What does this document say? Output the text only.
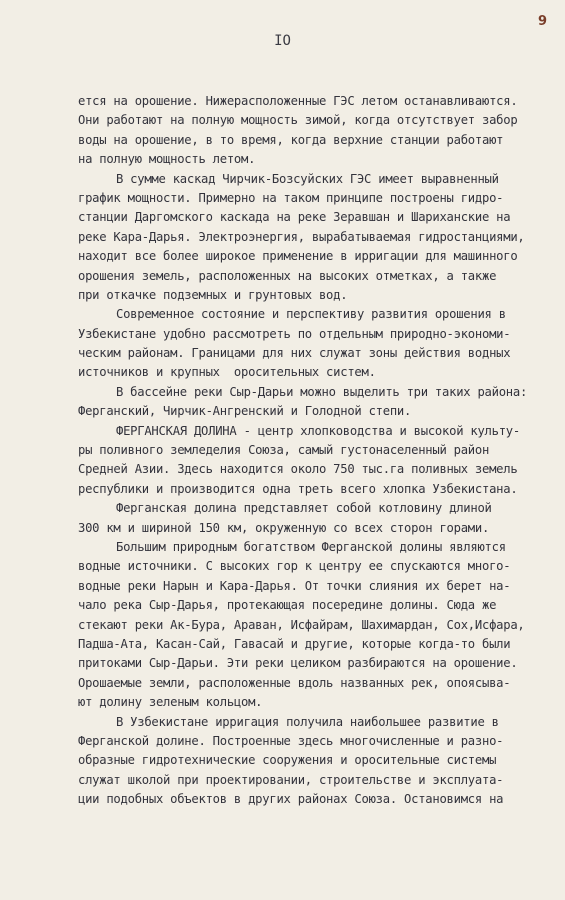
9
IO
ется на орошение. Нижерасположенные ГЭС летом останавливаются.
Они работают на полную мощность зимой, когда отсутствует забор
воды на орошение, в то время, когда верхние станции работают
на полную мощность летом.
В сумме каскад Чирчик-Бозсуйских ГЭС имеет выравненный
график мощности. Примерно на таком принципе построены гидро-
станции Даргомского каскада на реке Зеравшан и Шариханские на
реке Кара-Дарья. Электроэнергия, вырабатываемая гидростанциями,
находит все более широкое применение в ирригации для машинного
орошения земель, расположенных на высоких отметках, а также
при откачке подземных и грунтовых вод.
Современное состояние и перспективу развития орошения в
Узбекистане удобно рассмотреть по отдельным природно-экономи-
ческим районам. Границами для них служат зоны действия водных
источников и крупных  оросительных систем.
В бассейне реки Сыр-Дарьи можно выделить три таких района:
Ферганский, Чирчик-Ангренский и Голодной степи.
ФЕРГАНСКАЯ ДОЛИНА - центр хлопководства и высокой культу-
ры поливного земледелия Союза, самый густонаселенный район
Средней Азии. Здесь находится около 750 тыс.га поливных земель
республики и производится одна треть всего хлопка Узбекистана.
Ферганская долина представляет собой котловину длиной
300 км и шириной 150 км, окруженную со всех сторон горами.
Большим природным богатством Ферганской долины являются
водные источники. С высоких гор к центру ее спускаются много-
водные реки Нарын и Кара-Дарья. От точки слияния их берет на-
чало река Сыр-Дарья, протекающая посередине долины. Сюда же
стекают реки Ак-Бура, Араван, Исфайрам, Шахимардан, Сох,Исфара,
Падша-Ата, Касан-Сай, Гавасай и другие, которые когда-то были
притоками Сыр-Дарьи. Эти реки целиком разбираются на орошение.
Орошаемые земли, расположенные вдоль названных рек, опоясыва-
ют долину зеленым кольцом.
В Узбекистане ирригация получила наибольшее развитие в
Ферганской долине. Построенные здесь многочисленные и разно-
образные гидротехнические сооружения и оросительные системы
служат школой при проектировании, строительстве и эксплуата-
ции подобных объектов в других районах Союза. Остановимся на
